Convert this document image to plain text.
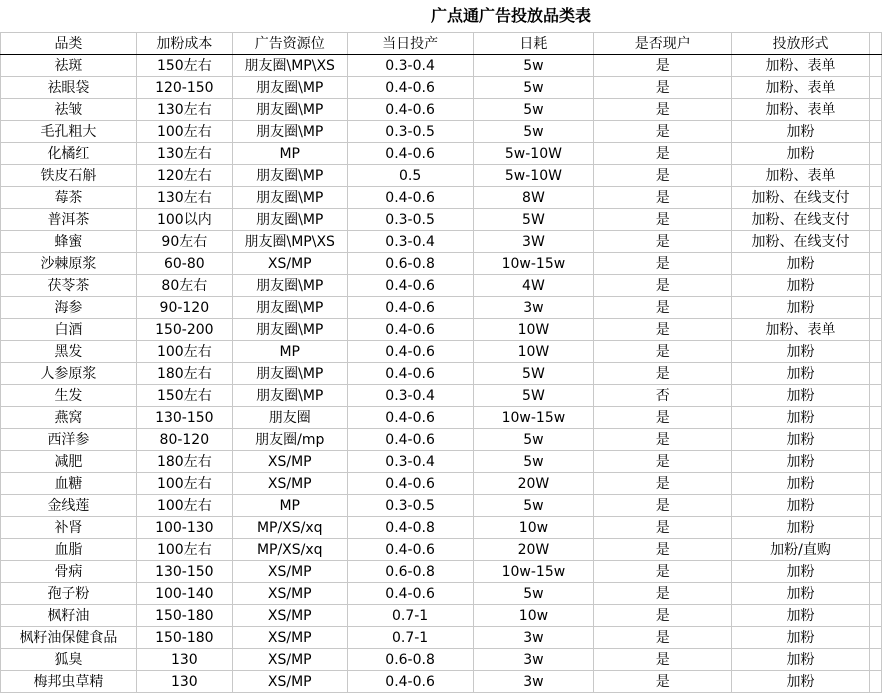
广点通广告投放品类表
品类	加粉成本	广告资源位	当日投产	日耗	是否现户	投放形式	
祛斑	150左右	朋友圈\MP\XS	0.3-0.4	5w	是	加粉、表单	
祛眼袋	120-150	朋友圈\MP	0.4-0.6	5w	是	加粉、表单	
祛皱	130左右	朋友圈\MP	0.4-0.6	5w	是	加粉、表单	
毛孔粗大	100左右	朋友圈\MP	0.3-0.5	5w	是	加粉	
化橘红	130左右	MP	0.4-0.6	5w-10W	是	加粉	
铁皮石斛	120左右	朋友圈\MP	0.5	5w-10W	是	加粉、表单	
莓茶	130左右	朋友圈\MP	0.4-0.6	8W	是	加粉、在线支付	
普洱茶	100以内	朋友圈\MP	0.3-0.5	5W	是	加粉、在线支付	
蜂蜜	90左右	朋友圈\MP\XS	0.3-0.4	3W	是	加粉、在线支付	
沙棘原浆	60-80	XS/MP	0.6-0.8	10w-15w	是	加粉	
茯苓茶	80左右	朋友圈\MP	0.4-0.6	4W	是	加粉	
海参	90-120	朋友圈\MP	0.4-0.6	3w	是	加粉	
白酒	150-200	朋友圈\MP	0.4-0.6	10W	是	加粉、表单	
黑发	100左右	MP	0.4-0.6	10W	是	加粉	
人参原浆	180左右	朋友圈\MP	0.4-0.6	5W	是	加粉	
生发	150左右	朋友圈\MP	0.3-0.4	5W	否	加粉	
燕窝	130-150	朋友圈	0.4-0.6	10w-15w	是	加粉	
西洋参	80-120	朋友圈/mp	0.4-0.6	5w	是	加粉	
减肥	180左右	XS/MP	0.3-0.4	5w	是	加粉	
血糖	100左右	XS/MP	0.4-0.6	20W	是	加粉	
金线莲	100左右	MP	0.3-0.5	5w	是	加粉	
补肾	100-130	MP/XS/xq	0.4-0.8	10w	是	加粉	
血脂	100左右	MP/XS/xq	0.4-0.6	20W	是	加粉/直购	
骨病	130-150	XS/MP	0.6-0.8	10w-15w	是	加粉	
孢子粉	100-140	XS/MP	0.4-0.6	5w	是	加粉	
枫籽油	150-180	XS/MP	0.7-1	10w	是	加粉	
枫籽油保健食品	150-180	XS/MP	0.7-1	3w	是	加粉	
狐臭	130	XS/MP	0.6-0.8	3w	是	加粉	
梅邦虫草精	130	XS/MP	0.4-0.6	3w	是	加粉	
